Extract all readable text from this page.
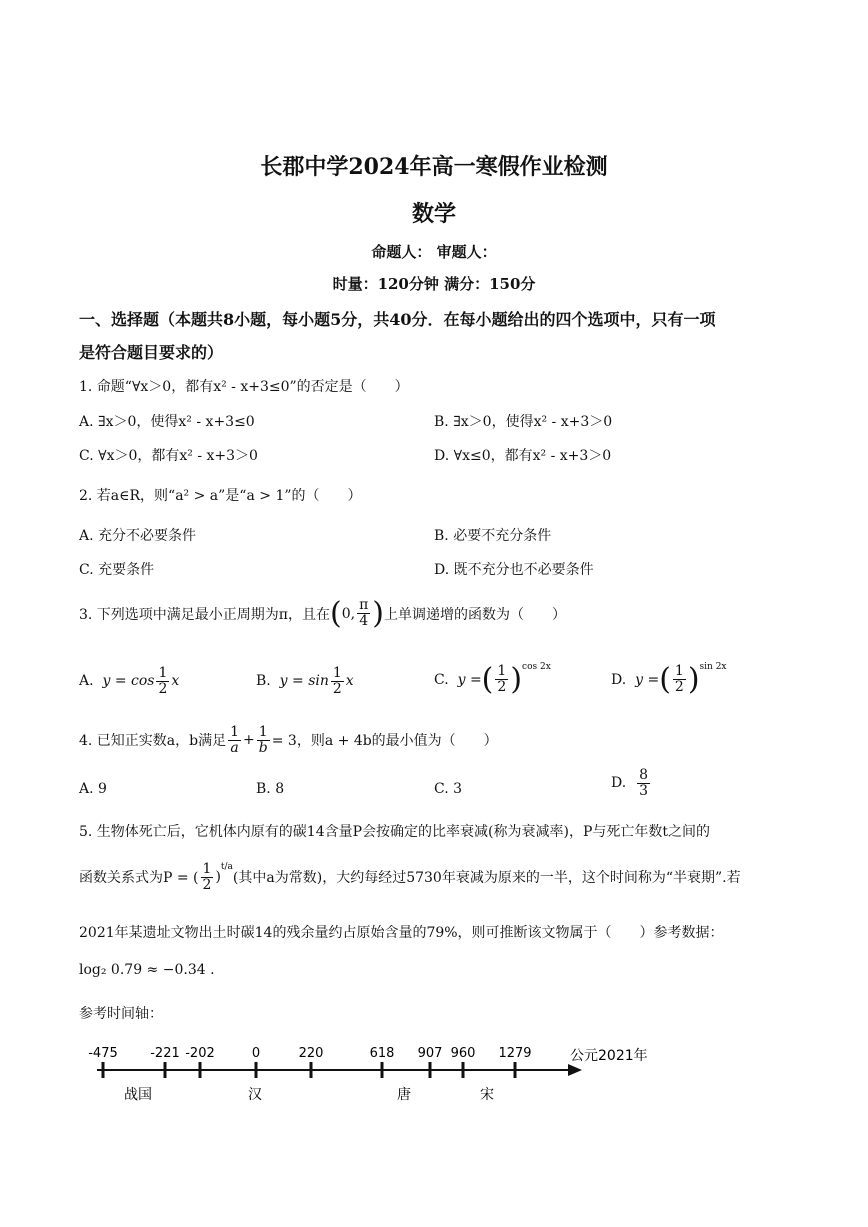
长郡中学2024年高一寒假作业检测
数学
命题人： 审题人：
时量：120分钟 满分：150分
一、选择题（本题共8小题，每小题5分，共40分．在每小题给出的四个选项中，只有一项
是符合题目要求的）
1. 命题“∀x＞0，都有x² - x+3≤0”的否定是（　　）
A. ∃x＞0，使得x² - x+3≤0	B. ∃x＞0，使得x² - x+3＞0
C. ∀x＞0，都有x² - x+3＞0	D. ∀x≤0，都有x² - x+3＞0
2. 若a∈R，则“a² > a”是“a > 1”的（　　）
A. 充分不必要条件	B. 必要不充分条件
C. 充要条件	D. 既不充分也不必要条件
3. 下列选项中满足最小正周期为π，且在 ( 0, $\frac{\pi}{4}$ ) 上单调递增的函数为（　　）
A.
$y = \cos \frac{1}{2}$ x	B.
$y = \sin \frac{1}{2}$ x	C.
y = ( $\frac{1}{2} )^{cos 2x}$
D.
y = ( $\frac{1}{2} )^{sin 2x}$
4. 已知正实数a，b满足 $\frac{1}{a} + \frac{1}{b} = 3$，则a + 4b的最小值为（　　）
A. 9	B. 8	C. 3	D.
$\frac{8}{3}$
5. 生物体死亡后，它机体内原有的碳14含量P会按确定的比率衰减(称为衰减率)，P与死亡年数t之间的
函数关系式为P = ( $\frac{1}{2}$ )
$^{t/a}$
(其中a为常数)，大约每经过5730年衰减为原来的一半，这个时间称为“半衰期”.若
2021年某遗址文物出土时碳14的残余量约占原始含量的79%，则可推断该文物属于（　　）参考数据：
log₂ 0.79 ≈ −0.34 .
参考时间轴：
-475 -221 -202	0	220	618 907 960 1279	公元2021年
战国	汉	唐	宋
